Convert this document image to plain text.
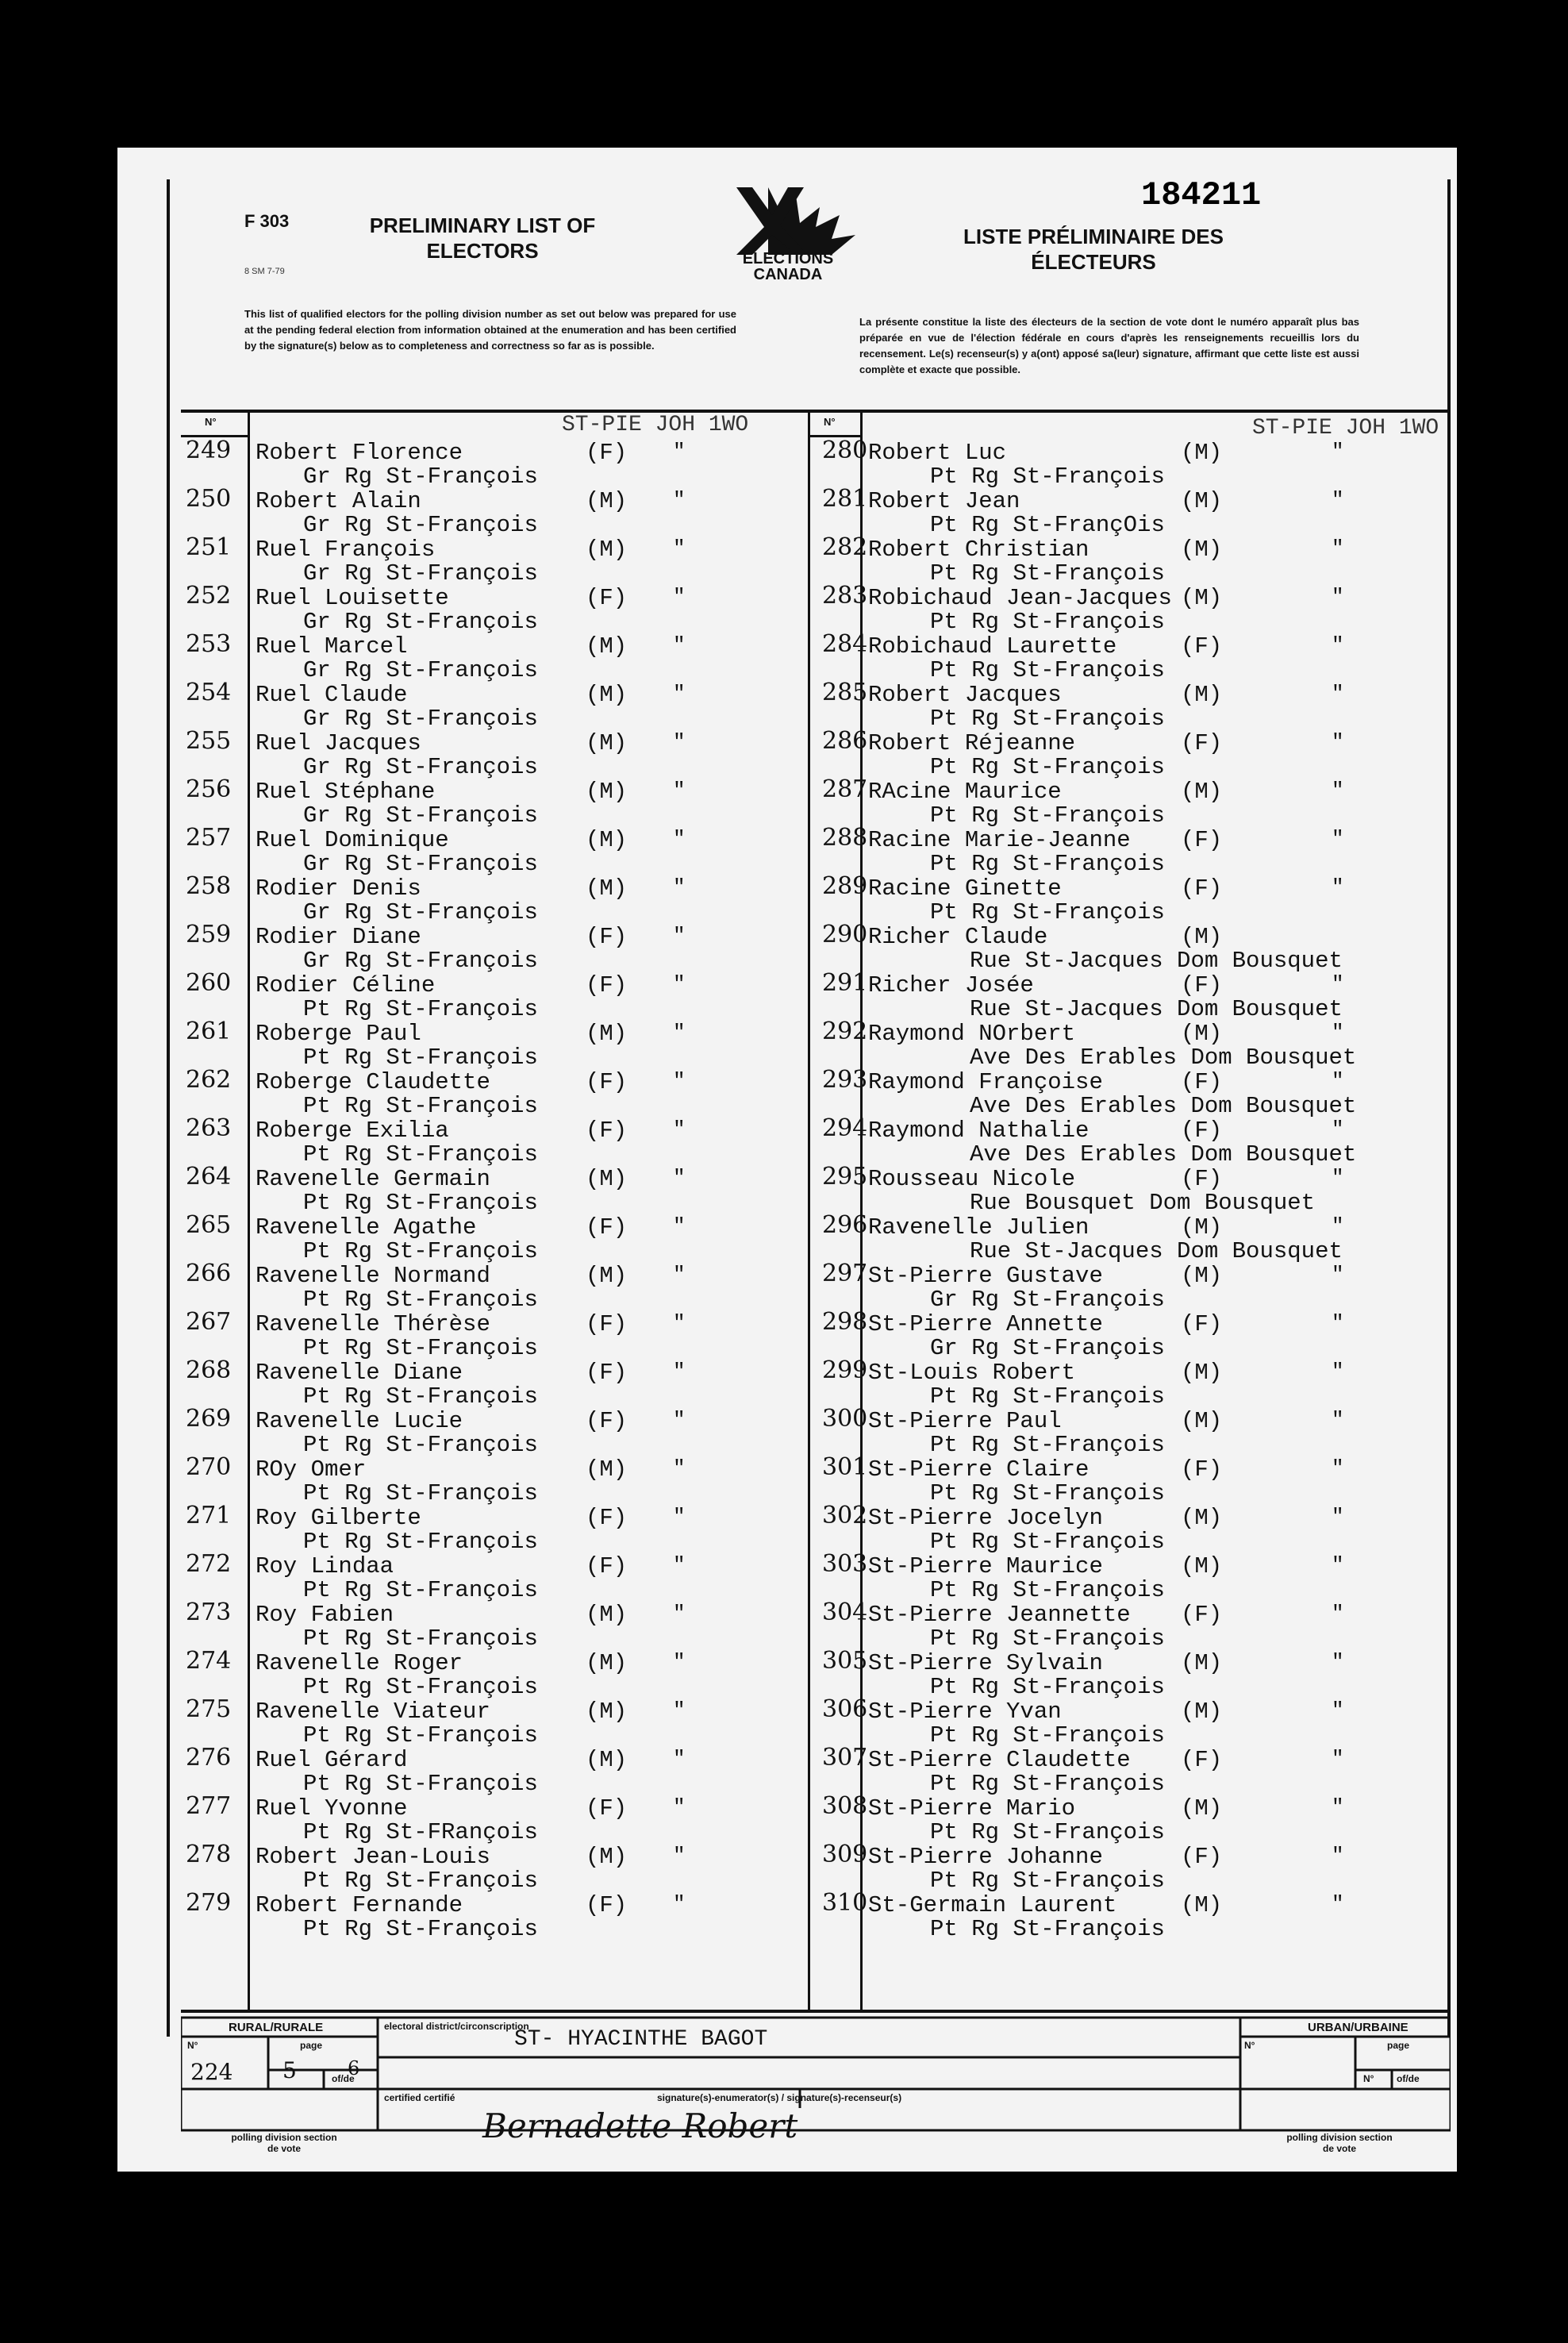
F 303
8 SM 7-79
PRELIMINARY LIST OF
ELECTORS	ELECTIONS
CANADA
184211
LISTE PRÉLIMINAIRE DES
ÉLECTEURS
This list of qualified electors for the polling division number as set out below was prepared for use at the pending federal election from information obtained at the enumeration and has been certified by the signature(s) below as to completeness and correctness so far as is possible.
La présente constitue la liste des électeurs de la section de vote dont le numéro apparaît plus bas préparée en vue de l'élection fédérale en cours d'après les renseignements recueillis lors du recensement. Le(s) recenseur(s) y a(ont) apposé sa(leur) signature, affirmant que cette liste est aussi complète et exacte que possible.
N°	N°
ST-PIE JOH 1WO	ST-PIE JOH 1WO
249 Robert Florence	(F) "
Gr Rg St-François
250 Robert Alain	(M) "
Gr Rg St-François
251 Ruel François	(M) "
Gr Rg St-François
252 Ruel Louisette	(F) "
Gr Rg St-François
253 Ruel Marcel	(M) "
Gr Rg St-François
254 Ruel Claude	(M) "
Gr Rg St-François
255 Ruel Jacques	(M) "
Gr Rg St-François
256 Ruel Stéphane	(M) "
Gr Rg St-François
257 Ruel Dominique	(M) "
Gr Rg St-François
258 Rodier Denis	(M) "
Gr Rg St-François
259 Rodier Diane	(F) "
Gr Rg St-François
260 Rodier Céline	(F) "
Pt Rg St-François
261 Roberge Paul	(M) "
Pt Rg St-François
262 Roberge Claudette	(F) "
Pt Rg St-François
263 Roberge Exilia	(F) "
Pt Rg St-François
264 Ravenelle Germain	(M) "
Pt Rg St-François
265 Ravenelle Agathe	(F) "
Pt Rg St-François
266 Ravenelle Normand	(M) "
Pt Rg St-François
267 Ravenelle Thérèse	(F) "
Pt Rg St-François
268 Ravenelle Diane	(F) "
Pt Rg St-François
269 Ravenelle Lucie	(F) "
Pt Rg St-François
270 ROy Omer	(M) "
Pt Rg St-François
271 Roy Gilberte	(F) "
Pt Rg St-François
272 Roy Lindaa	(F) "
Pt Rg St-François
273 Roy Fabien	(M) "
Pt Rg St-François
274 Ravenelle Roger	(M) "
Pt Rg St-François
275 Ravenelle Viateur	(M) "
Pt Rg St-François
276 Ruel Gérard	(M) "
Pt Rg St-François
277 Ruel Yvonne	(F) "
Pt Rg St-FRançois
278 Robert Jean-Louis	(M) "
Pt Rg St-François
279 Robert Fernande	(F) "
Pt Rg St-François
280 Robert Luc	(M)	"
Pt Rg St-François
281 Robert Jean	(M)	"
Pt Rg St-FrançOis
282 Robert Christian	(M)	"
Pt Rg St-François
283 Robichaud Jean-Jacques (M)	"
Pt Rg St-François
284 Robichaud Laurette	(F)	"
Pt Rg St-François
285 Robert Jacques	(M)	"
Pt Rg St-François
286 Robert Réjeanne	(F)	"
Pt Rg St-François
287 RAcine Maurice	(M)	"
Pt Rg St-François
288 Racine Marie-Jeanne (F)	"
Pt Rg St-François
289 Racine Ginette	(F)	"
Pt Rg St-François
290 Richer Claude	(M)
Rue St-Jacques Dom Bousquet
291 Richer Josée	(F)	"
Rue St-Jacques Dom Bousquet
292 Raymond NOrbert	(M)	"
Ave Des Erables Dom Bousquet
293 Raymond Françoise	(F)	"
Ave Des Erables Dom Bousquet
294 Raymond Nathalie	(F)	"
Ave Des Erables Dom Bousquet
295 Rousseau Nicole	(F)	"
Rue Bousquet Dom Bousquet
296 Ravenelle Julien	(M)	"
Rue St-Jacques Dom Bousquet
297 St-Pierre Gustave	(M)	"
Gr Rg St-François
298 St-Pierre Annette	(F)	"
Gr Rg St-François
299 St-Louis Robert	(M)	"
Pt Rg St-François
300 St-Pierre Paul	(M)	"
Pt Rg St-François
301 St-Pierre Claire	(F)	"
Pt Rg St-François
302 St-Pierre Jocelyn	(M)	"
Pt Rg St-François
303 St-Pierre Maurice	(M)	"
Pt Rg St-François
304 St-Pierre Jeannette (F)	"
Pt Rg St-François
305 St-Pierre Sylvain	(M)	"
Pt Rg St-François
306 St-Pierre Yvan	(M)	"
Pt Rg St-François
307 St-Pierre Claudette (F)	"
Pt Rg St-François
308 St-Pierre Mario	(M)	"
Pt Rg St-François
309 St-Pierre Johanne	(F)	"
Pt Rg St-François
310 St-Germain Laurent	(M)	"
Pt Rg St-François
RURAL/RURALE	URBAN/URBAINE
N°	page
of/de
N°	page
N° of/de
electoral district/circonscription
ST- HYACINTHE BAGOT
224 5	6
certified certifié	signature(s)-enumerator(s) / signature(s)-recenseur(s)
Bernadette Robert
polling division section de vote
polling division section de vote
